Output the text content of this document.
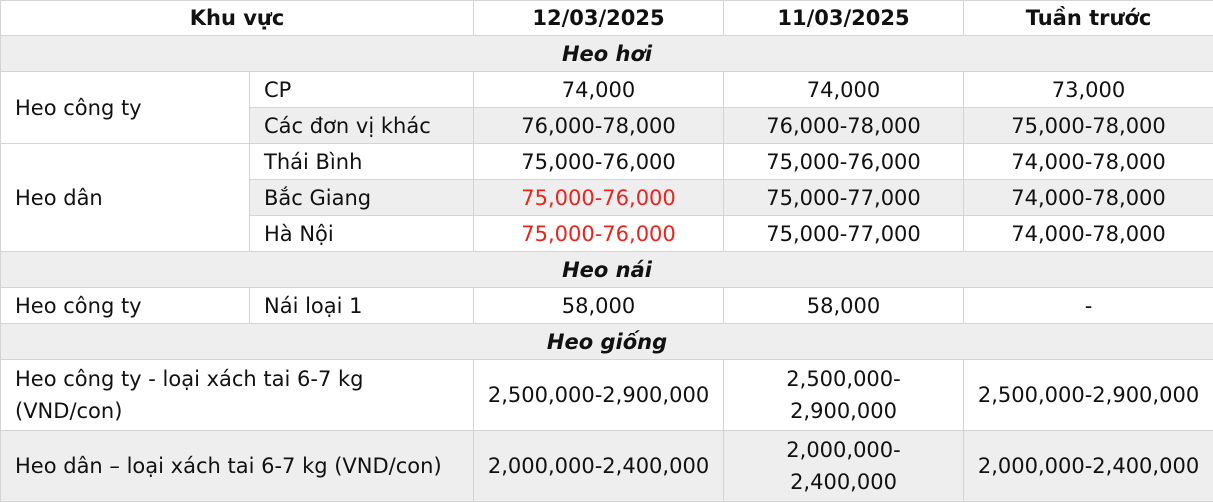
Khu vực		12/03/2025	11/03/2025	Tuần trước
Heo hơi				
Heo công ty	CP	74,000	74,000	73,000
	Các đơn vị khác	76,000-78,000	76,000-78,000	75,000-78,000
Heo dân	Thái Bình	75,000-76,000	75,000-76,000	74,000-78,000
	Bắc Giang	75,000-76,000	75,000-77,000	74,000-78,000
	Hà Nội	75,000-76,000	75,000-77,000	74,000-78,000
Heo nái				
Heo công ty	Nái loại 1	58,000	58,000	-
Heo giống				
Heo công ty - loại xách tai 6-7 kg (VND/con)		2,500,000-2,900,000	2,500,000-2,900,000	2,500,000-2,900,000
Heo dân – loại xách tai 6-7 kg (VND/con)		2,000,000-2,400,000	2,000,000-2,400,000	2,000,000-2,400,000
